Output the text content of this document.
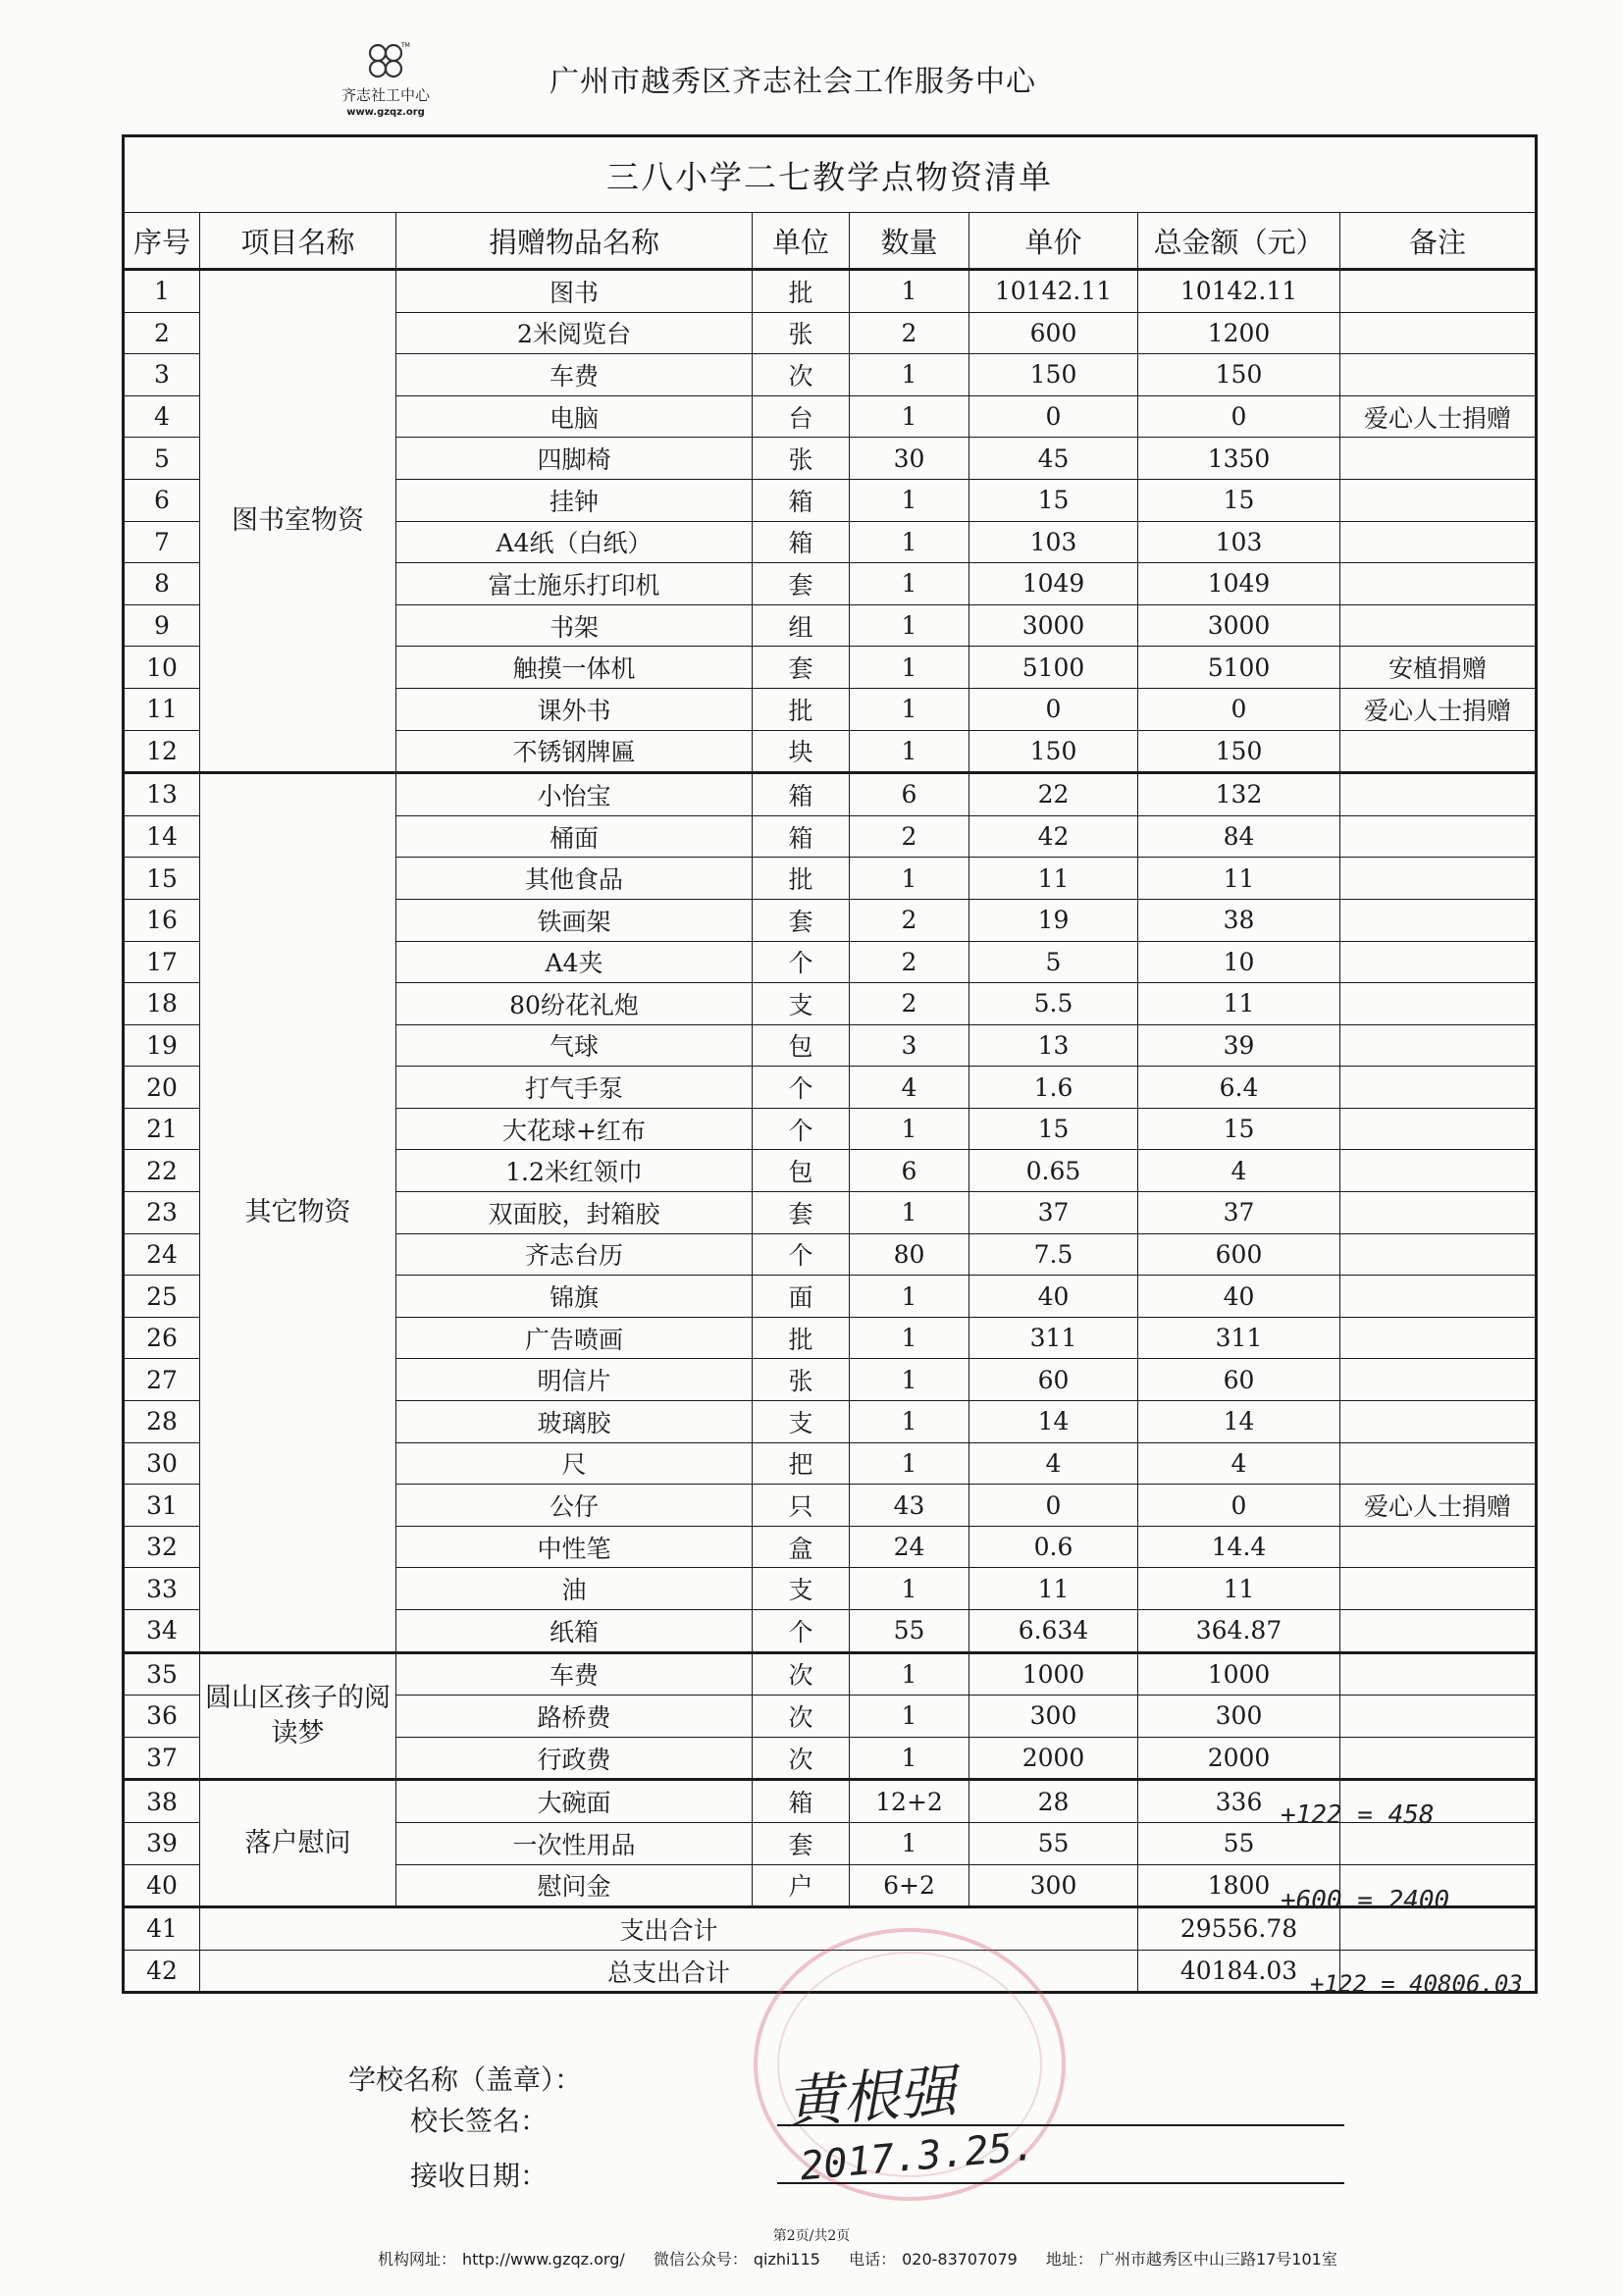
TM
齐志社工中心
www.gzqz.org
广州市越秀区齐志社会工作服务中心
三八小学二七教学点物资清单							
序号	项目名称	捐赠物品名称	单位	数量	单价	总金额（元）	备注
1	图书室物资	图书	批	1	10142.11	10142.11	
2		2米阅览台	张	2	600	1200	
3		车费	次	1	150	150	
4		电脑	台	1	0	0	爱心人士捐赠
5		四脚椅	张	30	45	1350	
6		挂钟	箱	1	15	15	
7		A4纸（白纸）	箱	1	103	103	
8		富士施乐打印机	套	1	1049	1049	
9		书架	组	1	3000	3000	
10		触摸一体机	套	1	5100	5100	安植捐赠
11		课外书	批	1	0	0	爱心人士捐赠
12		不锈钢牌匾	块	1	150	150	
13	其它物资	小怡宝	箱	6	22	132	
14		桶面	箱	2	42	84	
15		其他食品	批	1	11	11	
16		铁画架	套	2	19	38	
17		A4夹	个	2	5	10	
18		80纷花礼炮	支	2	5.5	11	
19		气球	包	3	13	39	
20		打气手泵	个	4	1.6	6.4	
21		大花球+红布	个	1	15	15	
22		1.2米红领巾	包	6	0.65	4	
23		双面胶，封箱胶	套	1	37	37	
24		齐志台历	个	80	7.5	600	
25		锦旗	面	1	40	40	
26		广告喷画	批	1	311	311	
27		明信片	张	1	60	60	
28		玻璃胶	支	1	14	14	
30		尺	把	1	4	4	
31		公仔	只	43	0	0	爱心人士捐赠
32		中性笔	盒	24	0.6	14.4	
33		油	支	1	11	11	
34		纸箱	个	55	6.634	364.87	
35	圆山区孩子的阅读梦	车费	次	1	1000	1000	
36		路桥费	次	1	300	300	
37		行政费	次	1	2000	2000	
38	落户慰问	大碗面	箱	12+2	28	336	
39		一次性用品	套	1	55	55	
40		慰问金	户	6+2	300	1800	
41	支出合计					29556.78	
42	总支出合计					40184.03	
+122 = 458
+600 = 2400
+122 = 40806.03
学校名称（盖章）：
校长签名：
接收日期：
黄根强
2017.3.25.
第2页/共2页
机构网址： http://www.gzqz.org/ 微信公众号： qizhi115 电话： 020-83707079 地址： 广州市越秀区中山三路17号101室
